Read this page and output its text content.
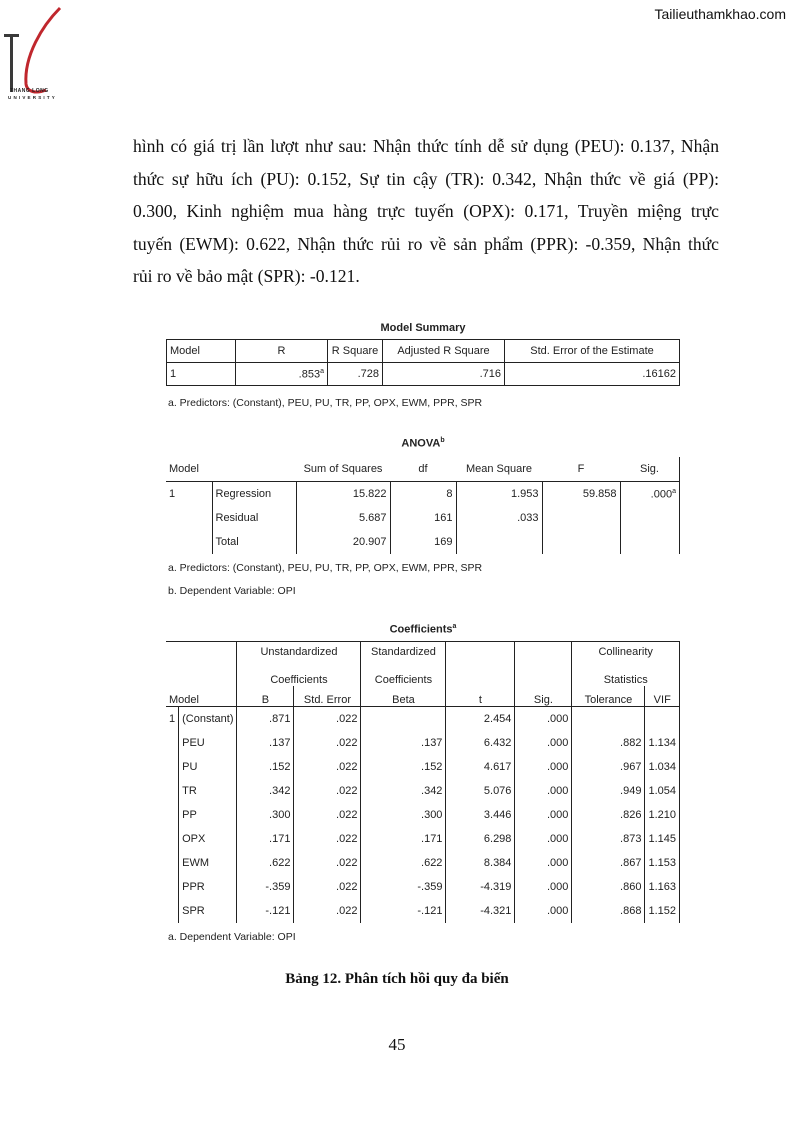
THANG LONG
UNIVERSITY
Tailieuthamkhao.com
hình có giá trị lần lượt như sau: Nhận thức tính dễ sử dụng (PEU): 0.137, Nhận
thức sự hữu ích (PU): 0.152, Sự tin cậy (TR): 0.342, Nhận thức về giá (PP):
0.300, Kinh nghiệm mua hàng trực tuyến (OPX): 0.171, Truyền miệng trực
tuyến (EWM): 0.622, Nhận thức rủi ro về sản phẩm (PPR): -0.359, Nhận thức
rủi ro về bảo mật (SPR): -0.121.
Model Summary
Model	R	R Square	Adjusted R Square	Std. Error of the Estimate
1	.853$^a$	.728	.716	.16162
a. Predictors: (Constant), PEU, PU, TR, PP, OPX, EWM, PPR, SPR
ANOVA$^b$
Model		Sum of Squares	df	Mean Square	F	Sig.
1	Regression	15.822	8	1.953	59.858	.000$^a$
	Residual	5.687	161	.033		
	Total	20.907	169			
a. Predictors: (Constant), PEU, PU, TR, PP, OPX, EWM, PPR, SPR
b. Dependent Variable: OPI
Coefficients$^a$

		Unstandardized		Standardized			Collinearity	

		Coefficients		Coefficients			Statistics	
Model		B	Std. Error	Beta	t	Sig.	Tolerance	VIF
1	(Constant)	.871	.022		2.454	.000		
	PEU	.137	.022	.137	6.432	.000	.882	1.134
	PU	.152	.022	.152	4.617	.000	.967	1.034
	TR	.342	.022	.342	5.076	.000	.949	1.054
	PP	.300	.022	.300	3.446	.000	.826	1.210
	OPX	.171	.022	.171	6.298	.000	.873	1.145
	EWM	.622	.022	.622	8.384	.000	.867	1.153
	PPR	-.359	.022	-.359	-4.319	.000	.860	1.163
	SPR	-.121	.022	-.121	-4.321	.000	.868	1.152
a. Dependent Variable: OPI
Bảng 12. Phân tích hồi quy đa biến
45
